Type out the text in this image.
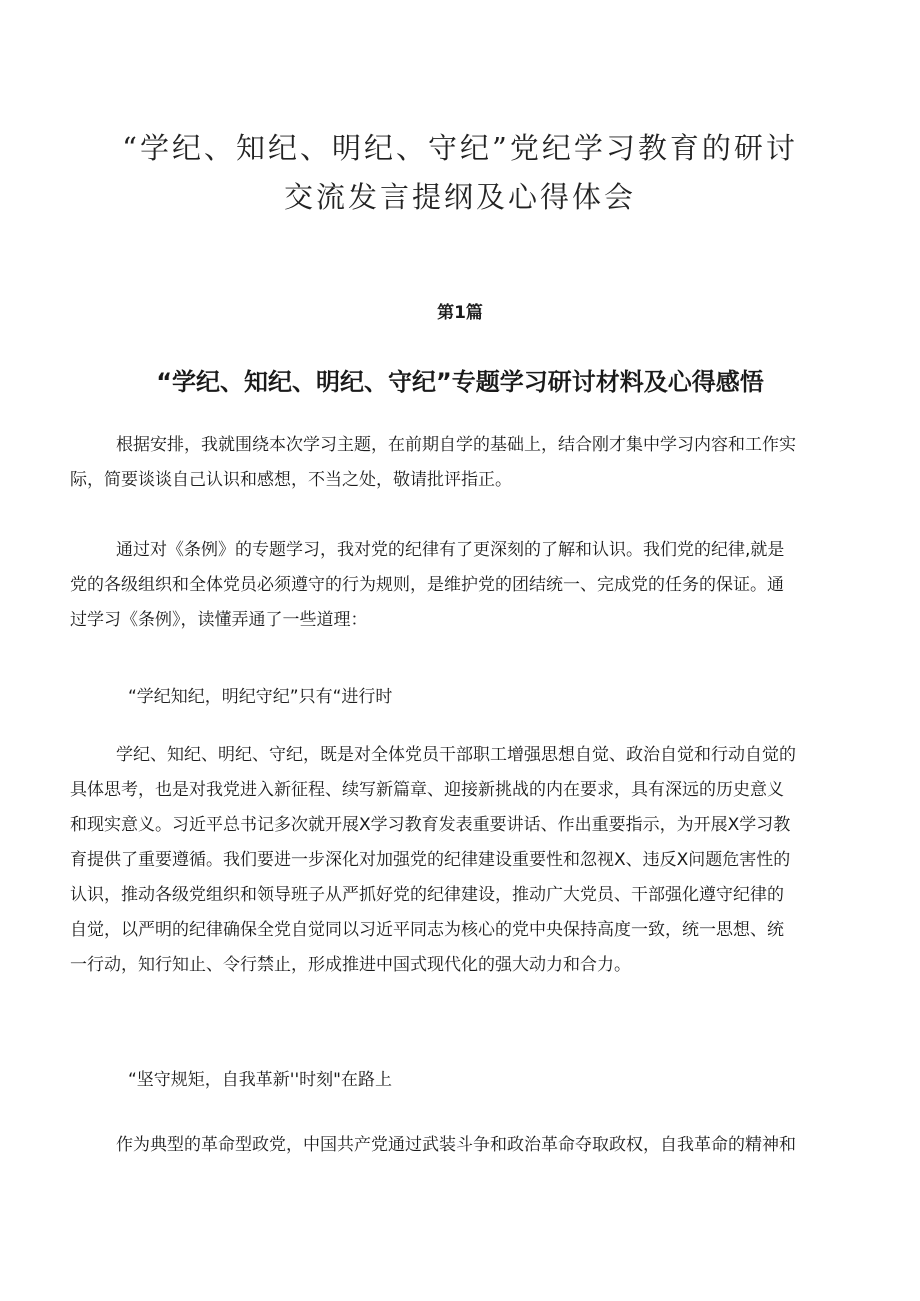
“学纪、知纪、明纪、守纪”党纪学习教育的研讨
交流发言提纲及心得体会

第1篇

“学纪、知纪、明纪、守纪”专题学习研讨材料及心得感悟

根据安排，我就围绕本次学习主题，在前期自学的基础上，结合刚才集中学习内容和工作实
际，简要谈谈自己认识和感想，不当之处，敬请批评指正。

通过对《条例》的专题学习，我对党的纪律有了更深刻的了解和认识。我们党的纪律,就是
党的各级组织和全体党员必须遵守的行为规则，是维护党的团结统一、完成党的任务的保证。通
过学习《条例》，读懂弄通了一些道理：

“学纪知纪，明纪守纪”只有“进行时

学纪、知纪、明纪、守纪，既是对全体党员干部职工增强思想自觉、政治自觉和行动自觉的
具体思考，也是对我党进入新征程、续写新篇章、迎接新挑战的内在要求，具有深远的历史意义
和现实意义。习近平总书记多次就开展X学习教育发表重要讲话、作出重要指示，为开展X学习教
育提供了重要遵循。我们要进一步深化对加强党的纪律建设重要性和忽视X、违反X问题危害性的
认识，推动各级党组织和领导班子从严抓好党的纪律建设，推动广大党员、干部强化遵守纪律的
自觉，以严明的纪律确保全党自觉同以习近平同志为核心的党中央保持高度一致，统一思想、统
一行动，知行知止、令行禁止，形成推进中国式现代化的强大动力和合力。

“坚守规矩，自我革新''时刻"在路上

作为典型的革命型政党，中国共产党通过武装斗争和政治革命夺取政权，自我革命的精神和
